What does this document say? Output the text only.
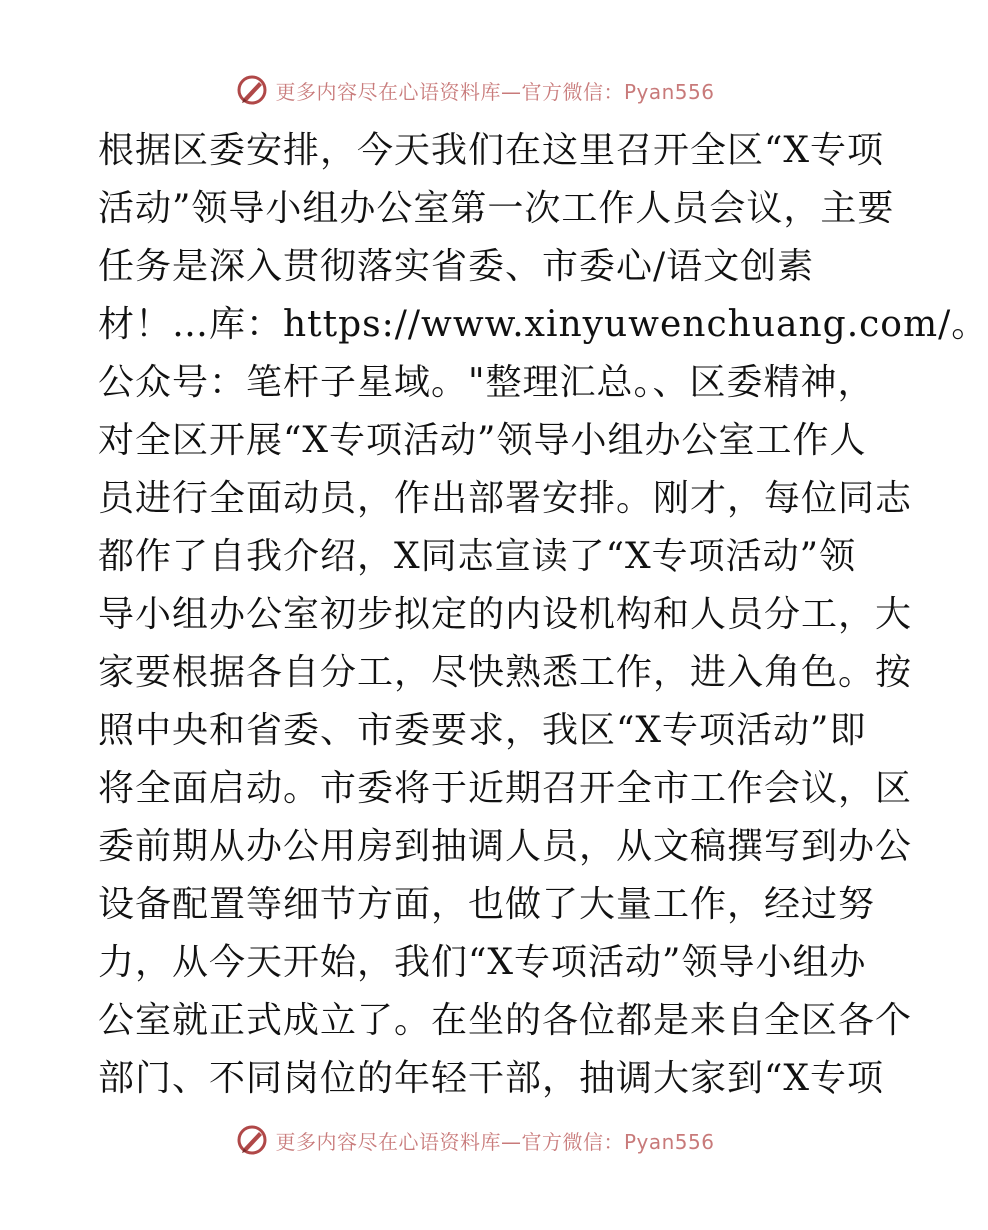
更多内容尽在心语资料库—官方微信：Pyan556
根据区委安排，今天我们在这里召开全区“X专项
活动”领导小组办公室第一次工作人员会议，主要
任务是深入贯彻落实省委、市委心/语文创素
材！…库：https://www.xinyuwenchuang.com/。
公众号：笔杆子星域。"整理汇总。、区委精神，
对全区开展“X专项活动”领导小组办公室工作人
员进行全面动员，作出部署安排。刚才，每位同志
都作了自我介绍，X同志宣读了“X专项活动”领
导小组办公室初步拟定的内设机构和人员分工，大
家要根据各自分工，尽快熟悉工作，进入角色。按
照中央和省委、市委要求，我区“X专项活动”即
将全面启动。市委将于近期召开全市工作会议，区
委前期从办公用房到抽调人员，从文稿撰写到办公
设备配置等细节方面，也做了大量工作，经过努
力，从今天开始，我们“X专项活动”领导小组办
公室就正式成立了。在坐的各位都是来自全区各个
部门、不同岗位的年轻干部，抽调大家到“X专项
更多内容尽在心语资料库—官方微信：Pyan556
